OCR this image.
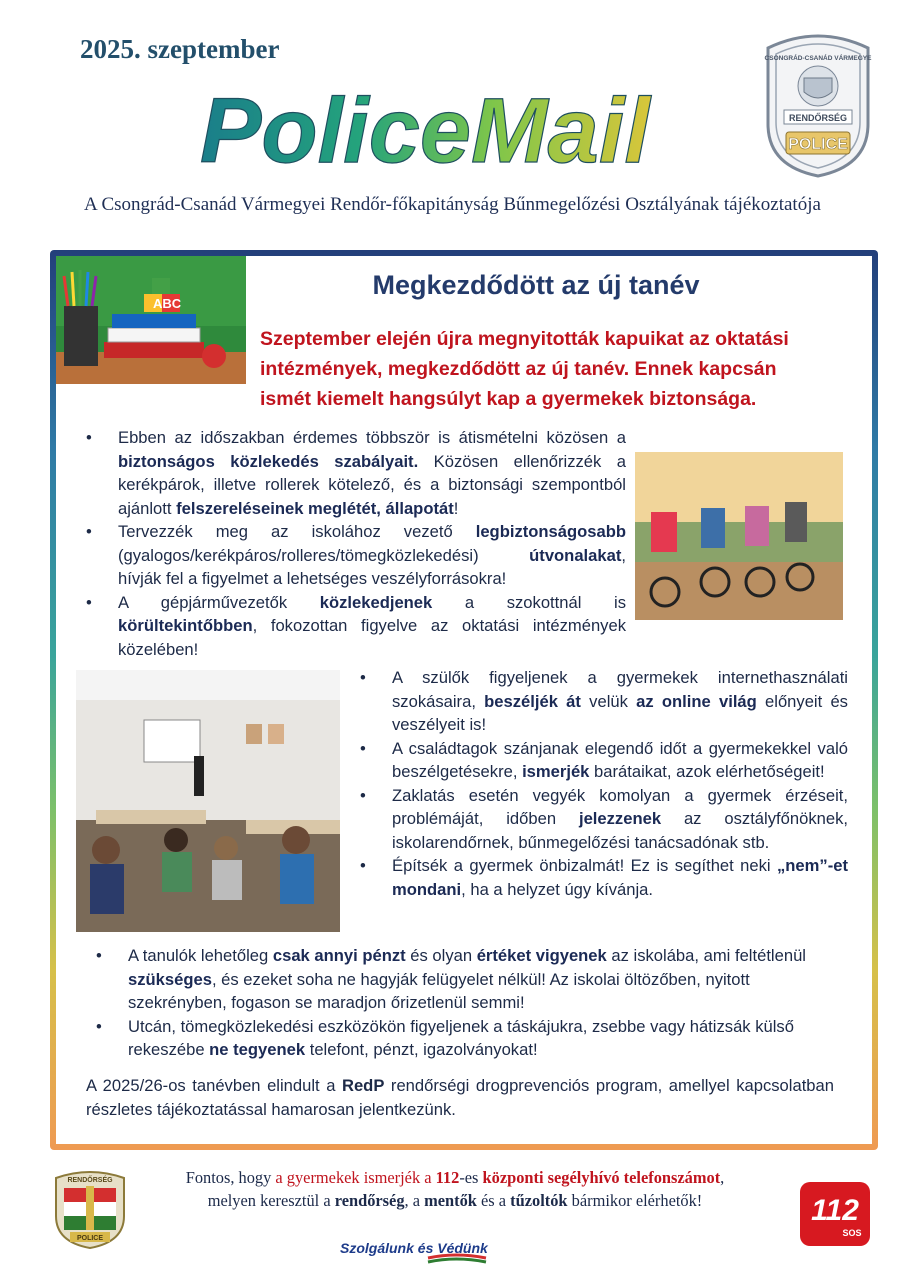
2025. szeptember
PoliceMail
CSONGRÁD-CSANÁD VÁRMEGYE
RENDŐRSÉG
POLICE
A Csongrád-Csanád Vármegyei Rendőr-főkapitányság Bűnmegelőzési Osztályának tájékoztatója
ABC
Megkezdődött az új tanév
Szeptember elején újra megnyitották kapuikat az oktatási intézmények, megkezdődött az új tanév. Ennek kapcsán ismét kiemelt hangsúlyt kap a gyermekek biztonsága.
• Ebben az időszakban érdemes többször is átismételni közösen a biztonságos közlekedés szabályait. Közösen ellenőrizzék a kerékpárok, illetve rollerek kötelező, és a biztonsági szempontból ajánlott felszereléseinek meglétét, állapotát!
• Tervezzék meg az iskolához vezető legbiztonságosabb (gyalogos/kerékpáros/rolleres/tömegközlekedési) útvonalakat, hívják fel a figyelmet a lehetséges veszélyforrásokra!
• A gépjárművezetők közlekedjenek a szokottnál is körültekintőbben, fokozottan figyelve az oktatási intézmények közelében!
• A szülők figyeljenek a gyermekek internethasználati szokásaira, beszéljék át velük az online világ előnyeit és veszélyeit is!
• A családtagok szánjanak elegendő időt a gyermekekkel való beszélgetésekre, ismerjék barátaikat, azok elérhetőségeit!
• Zaklatás esetén vegyék komolyan a gyermek érzéseit, problémáját, időben jelezzenek az osztályfőnöknek, iskolarendőrnek, bűnmegelőzési tanácsadónak stb.
• Építsék a gyermek önbizalmát! Ez is segíthet neki „nem”-et mondani, ha a helyzet úgy kívánja.
• A tanulók lehetőleg csak annyi pénzt és olyan értéket vigyenek az iskolába, ami feltétlenül szükséges, és ezeket soha ne hagyják felügyelet nélkül! Az iskolai öltözőben, nyitott szekrényben, fogason se maradjon őrizetlenül semmi!
• Utcán, tömegközlekedési eszközökön figyeljenek a táskájukra, zsebbe vagy hátizsák külső rekeszébe ne tegyenek telefont, pénzt, igazolványokat!

A 2025/26-os tanévben elindult a RedP rendőrségi drogprevenciós program, amellyel kapcsolatban részletes tájékoztatással hamarosan jelentkezünk.

RENDŐRSÉG
POLICE
Fontos, hogy a gyermekek ismerjék a 112-es központi segélyhívó telefonszámot,
melyen keresztül a rendőrség, a mentők és a tűzoltók bármikor elérhetők!	112
SOS
Szolgálunk és Védünk
